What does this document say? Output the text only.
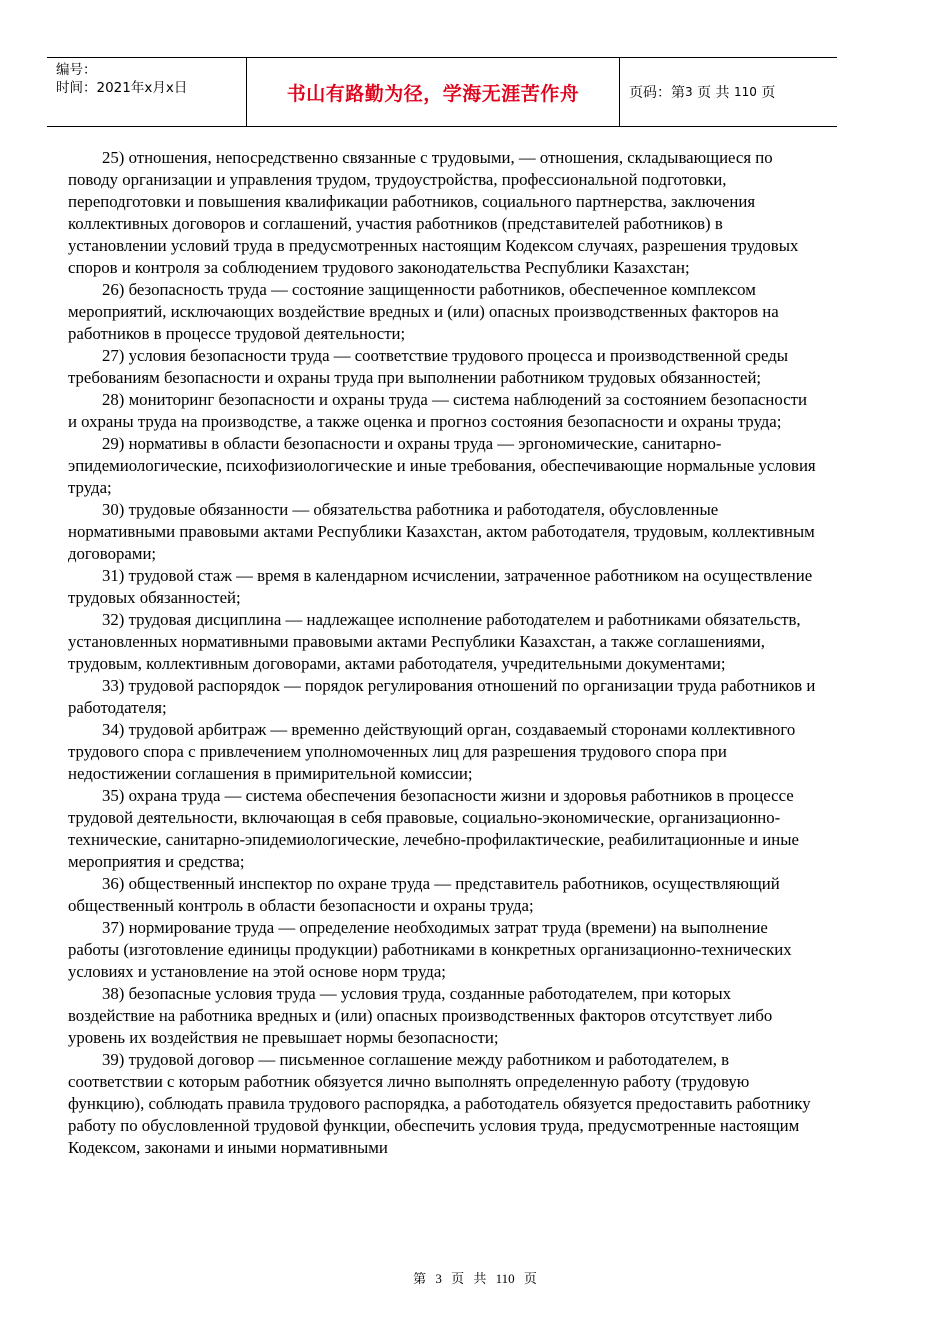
编号：
时间：2021年x月x日	书山有路勤为径，学海无涯苦作舟	页码：第 3
页 共
110
页

25) отношения, непосредственно связанные с трудовыми, — отношения, складывающиеся по поводу организации и управления трудом, трудоустройства, профессиональной подготовки, переподготовки и повышения квалификации работников, социального партнерства, заключения коллективных договоров и соглашений, участия работников (представителей работников) в установлении условий труда в предусмотренных настоящим Кодексом случаях, разрешения трудовых споров и контроля за соблюдением трудового законодательства Республики Казахстан;

26) безопасность труда — состояние защищенности работников, обеспеченное комплексом мероприятий, исключающих воздействие вредных и (или) опасных производственных факторов на работников в процессе трудовой деятельности;

27) условия безопасности труда — соответствие трудового процесса и производственной среды требованиям безопасности и охраны труда при выполнении работником трудовых обязанностей;

28) мониторинг безопасности и охраны труда — система наблюдений за состоянием безопасности и охраны труда на производстве, а также оценка и прогноз состояния безопасности и охраны труда;

29) нормативы в области безопасности и охраны труда — эргономические, санитарно-эпидемиологические, психофизиологические и иные требования, обеспечивающие нормальные условия труда;

30) трудовые обязанности — обязательства работника и работодателя, обусловленные нормативными правовыми актами Республики Казахстан, актом работодателя, трудовым, коллективным договорами;

31) трудовой стаж — время в календарном исчислении, затраченное работником на осуществление трудовых обязанностей;

32) трудовая дисциплина — надлежащее исполнение работодателем и работниками обязательств, установленных нормативными правовыми актами Республики Казахстан, а также соглашениями, трудовым, коллективным договорами, актами работодателя, учредительными документами;

33) трудовой распорядок — порядок регулирования отношений по организации труда работников и работодателя;

34) трудовой арбитраж — временно действующий орган, создаваемый сторонами коллективного трудового спора с привлечением уполномоченных лиц для разрешения трудового спора при недостижении соглашения в примирительной комиссии;

35) охрана труда — система обеспечения безопасности жизни и здоровья работников в процессе трудовой деятельности, включающая в себя правовые, социально-экономические, организационно-технические, санитарно-эпидемиологические, лечебно-профилактические, реабилитационные и иные мероприятия и средства;

36) общественный инспектор по охране труда — представитель работников, осуществляющий общественный контроль в области безопасности и охраны труда;

37) нормирование труда — определение необходимых затрат труда (времени) на выполнение работы (изготовление единицы продукции) работниками в конкретных организационно-технических условиях и установление на этой основе норм труда;

38) безопасные условия труда — условия труда, созданные работодателем, при которых воздействие на работника вредных и (или) опасных производственных факторов отсутствует либо уровень их воздействия не превышает нормы безопасности;

39) трудовой договор — письменное соглашение между работником и работодателем, в соответствии с которым работник обязуется лично выполнять определенную работу (трудовую функцию), соблюдать правила трудового распорядка, а работодатель обязуется предоставить работнику работу по обусловленной трудовой функции, обеспечить условия труда, предусмотренные настоящим Кодексом, законами и иными нормативными

第 3 页 共 110 页
